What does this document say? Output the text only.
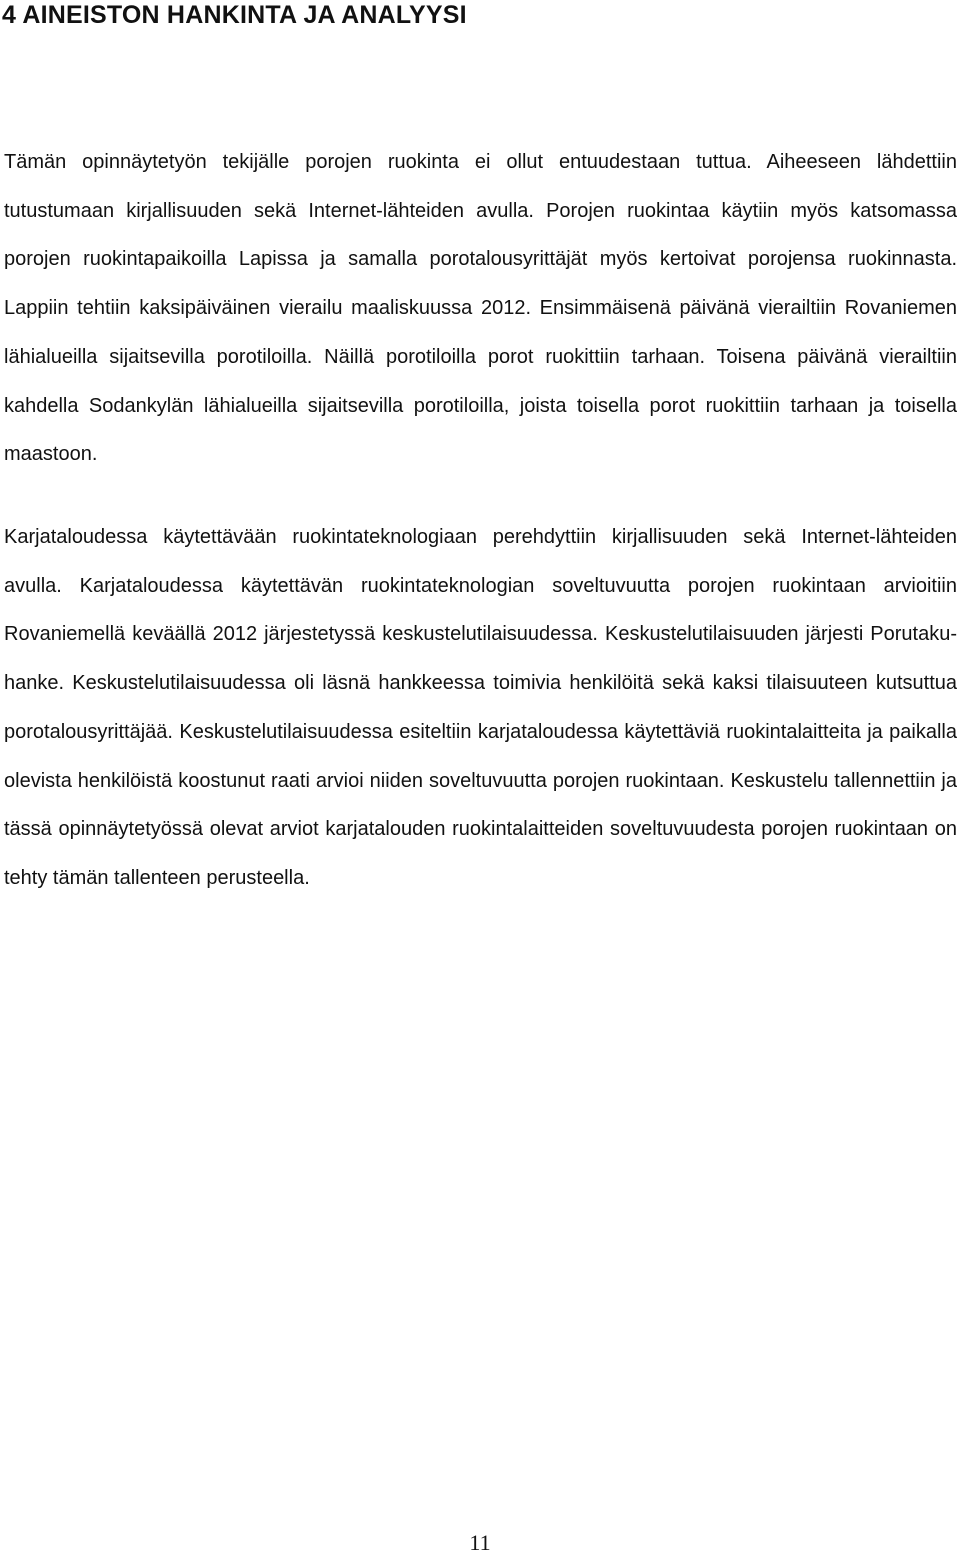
4 AINEISTON HANKINTA JA ANALYYSI

Tämän opinnäytetyön tekijälle porojen ruokinta ei ollut entuudestaan tuttua. Aiheeseen lähdettiin tutustumaan kirjallisuuden sekä Internet-lähteiden avulla. Porojen ruokintaa käytiin myös katsomassa porojen ruokintapaikoilla Lapissa ja samalla porotalousyrittäjät myös kertoivat porojensa ruokinnasta. Lappiin tehtiin kaksipäiväinen vierailu maaliskuussa 2012. Ensimmäisenä päivänä vierailtiin Rovaniemen lähialueilla sijaitsevilla porotiloilla. Näillä porotiloilla porot ruokittiin tarhaan. Toisena päivänä vierailtiin kahdella Sodankylän lähialueilla sijaitsevilla porotiloilla, joista toisella porot ruokittiin tarhaan ja toisella maastoon.

Karjataloudessa käytettävään ruokintateknologiaan perehdyttiin kirjallisuuden sekä Internet-lähteiden avulla. Karjataloudessa käytettävän ruokintateknologian soveltuvuutta porojen ruokintaan arvioitiin Rovaniemellä keväällä 2012 järjestetyssä keskustelutilaisuudessa. Keskustelutilaisuuden järjesti Porutaku-hanke. Keskustelutilaisuudessa oli läsnä hankkeessa toimivia henkilöitä sekä kaksi tilaisuuteen kutsuttua porotalousyrittäjää. Keskustelutilaisuudessa esiteltiin karjataloudessa käytettäviä ruokintalaitteita ja paikalla olevista henkilöistä koostunut raati arvioi niiden soveltuvuutta porojen ruokintaan. Keskustelu tallennettiin ja tässä opinnäytetyössä olevat arviot karjatalouden ruokintalaitteiden soveltuvuudesta porojen ruokintaan on tehty tämän tallenteen perusteella.

11
